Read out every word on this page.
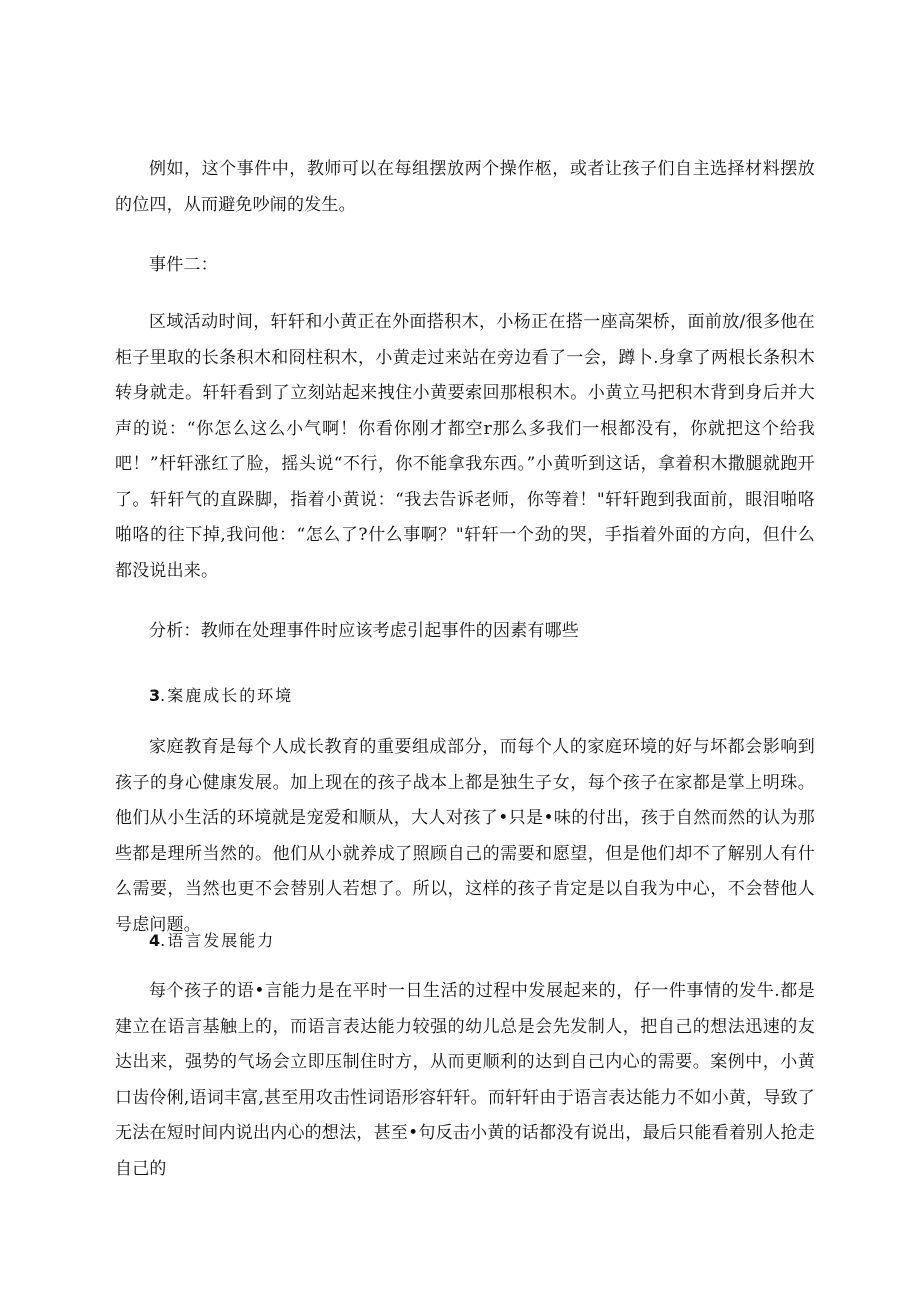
例如，这个事件中，教师可以在每组摆放两个操作柩，或者让孩子们自主选择材料摆放的位四，从而避免吵闹的发生。

事件二：

区域活动时间，轩轩和小黄正在外面搭积木，小杨正在搭一座高架桥，面前放/很多他在柜子里取的长条积木和冏柱积木，小黄走过来站在旁边看了一会，蹲卜.身拿了两根长条积木转身就走。轩轩看到了立刻站起来拽住小黄要索回那根积木。小黄立马把积木背到身后并大声的说：“你怎么这么小气啊！你看你刚才都空r那么多我们一根都没有，你就把这个给我吧！”杆轩涨红了脸，摇头说“不行，你不能拿我东西。”小黄听到这话，拿着积木撒腿就跑开了。轩轩气的直跺脚，指着小黄说：“我去告诉老师，你等着！"轩轩跑到我面前，眼泪啪咯啪咯的往下掉,我问他：“怎么了?什么事啊？"轩轩一个劲的哭，手指着外面的方向，但什么都没说出来。

分析：教师在处理事件时应该考虑引起事件的因素有哪些

3.案鹿成长的环境

家庭教育是每个人成长教育的重要组成部分，而每个人的家庭环境的好与坏都会影响到孩子的身心健康发展。加上现在的孩子战本上都是独生子女，每个孩子在家都是掌上明珠。他们从小生活的环境就是宠爱和顺从，大人对孩了•只是•味的付出，孩于自然而然的认为那些都是理所当然的。他们从小就养成了照顾自己的需要和愿望，但是他们却不了解别人有什么需要，当然也更不会替别人若想了。所以，这样的孩子肯定是以自我为中心，不会替他人号虑问题。

4.语言发展能力

每个孩子的语•言能力是在平时一日生活的过程中发展起来的，仔一件事情的发牛.都是建立在语言基触上的，而语言表达能力较强的幼儿总是会先发制人，把自己的想法迅速的友达出来，强势的气场会立即压制住时方，从而更顺利的达到自己内心的需要。案例中，小黄口齿伶俐,语词丰富,甚至用攻击性词语形容轩轩。而轩轩由于语言表达能力不如小黄，导致了无法在短时间内说出内心的想法，甚至•句反击小黄的话都没有说出，最后只能看着别人抢走自己的
